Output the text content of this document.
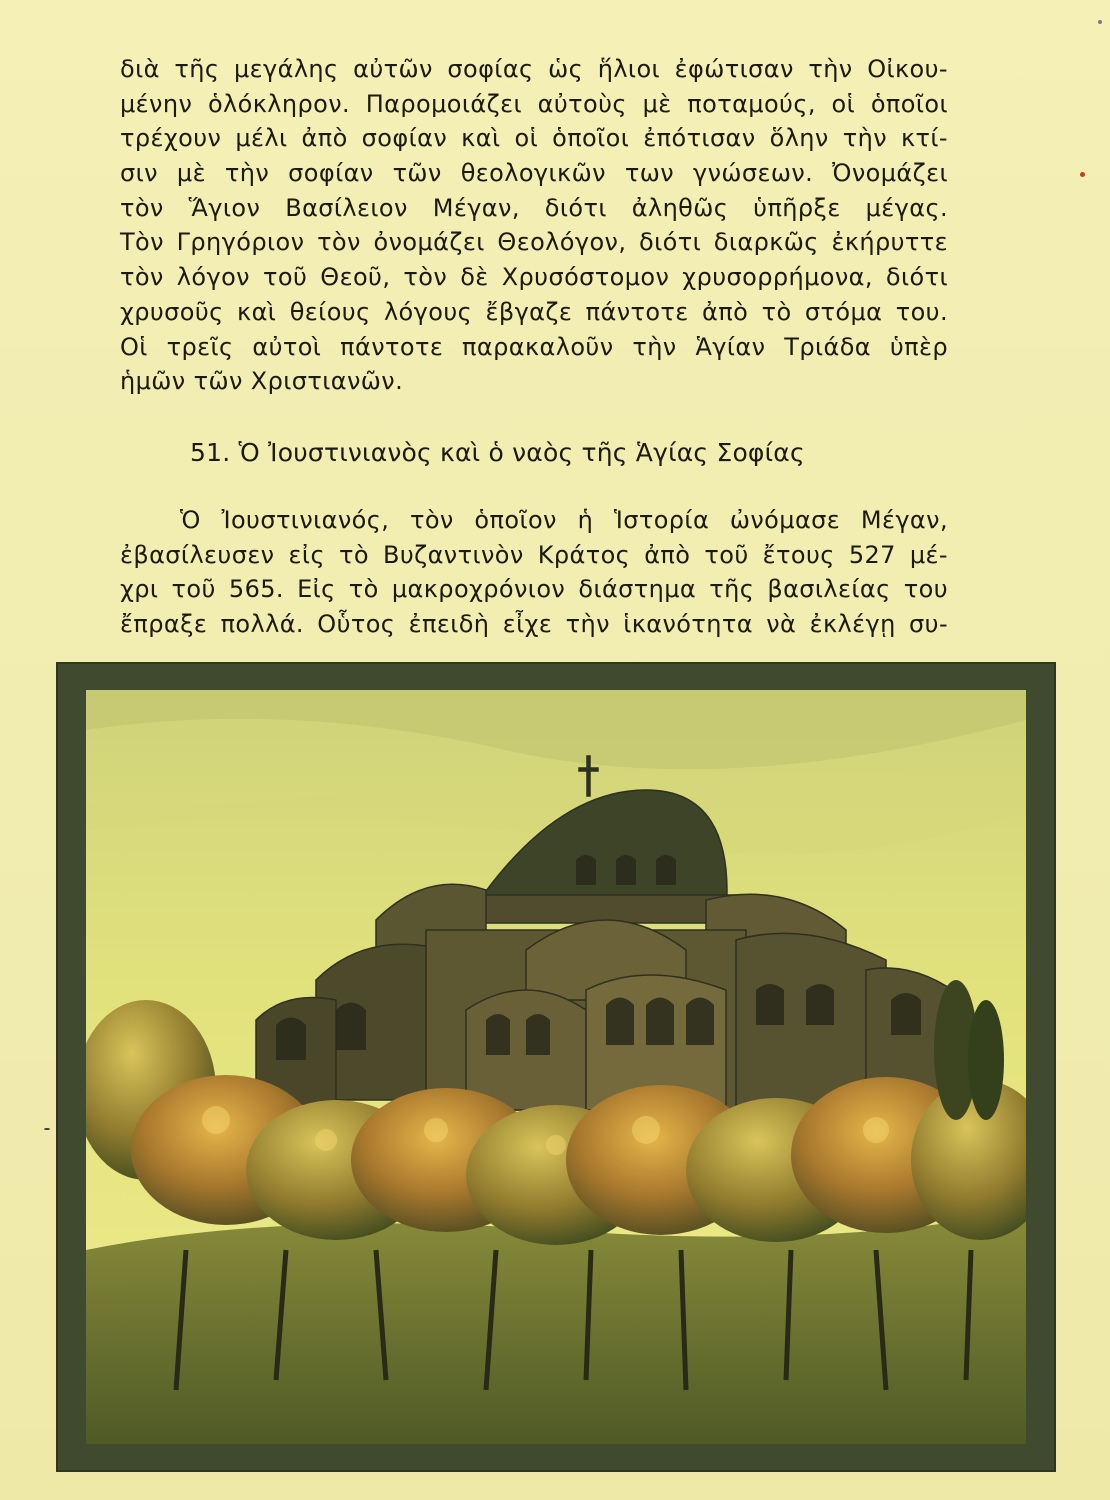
διὰ τῆς μεγάλης αὐτῶν σοφίας ὡς ἥλιοι ἐφώτισαν τὴν Οἰκου-
μένην ὁλόκληρον. Παρομοιάζει αὐτοὺς μὲ ποταμούς, οἱ ὁποῖοι
τρέχουν μέλι ἀπὸ σοφίαν καὶ οἱ ὁποῖοι ἐπότισαν ὅλην τὴν κτί-
σιν μὲ τὴν σοφίαν τῶν θεολογικῶν των γνώσεων. Ὀνομάζει
τὸν Ἅγιον Βασίλειον Μέγαν, διότι ἀληθῶς ὑπῆρξε μέγας.
Τὸν Γρηγόριον τὸν ὀνομάζει Θεολόγον, διότι διαρκῶς ἐκήρυττε
τὸν λόγον τοῦ Θεοῦ, τὸν δὲ Χρυσόστομον χρυσορρήμονα, διότι
χρυσοῦς καὶ θείους λόγους ἔβγαζε πάντοτε ἀπὸ τὸ στόμα του.
Οἱ τρεῖς αὐτοὶ πάντοτε παρακαλοῦν τὴν Ἁγίαν Τριάδα ὑπὲρ
ἡμῶν τῶν Χριστιανῶν.
51. Ὁ Ἰουστινιανὸς καὶ ὁ ναὸς τῆς Ἁγίας Σοφίας
Ὁ Ἰουστινιανός, τὸν ὁποῖον ἡ Ἱστορία ὠνόμασε Μέγαν,
ἐβασίλευσεν εἰς τὸ Βυζαντινὸν Κράτος ἀπὸ τοῦ ἔτους 527 μέ-
χρι τοῦ 565. Εἰς τὸ μακροχρόνιον διάστημα τῆς βασιλείας του
ἔπραξε πολλά. Οὗτος ἐπειδὴ εἶχε τὴν ἱκανότητα νὰ ἐκλέγῃ συ-
